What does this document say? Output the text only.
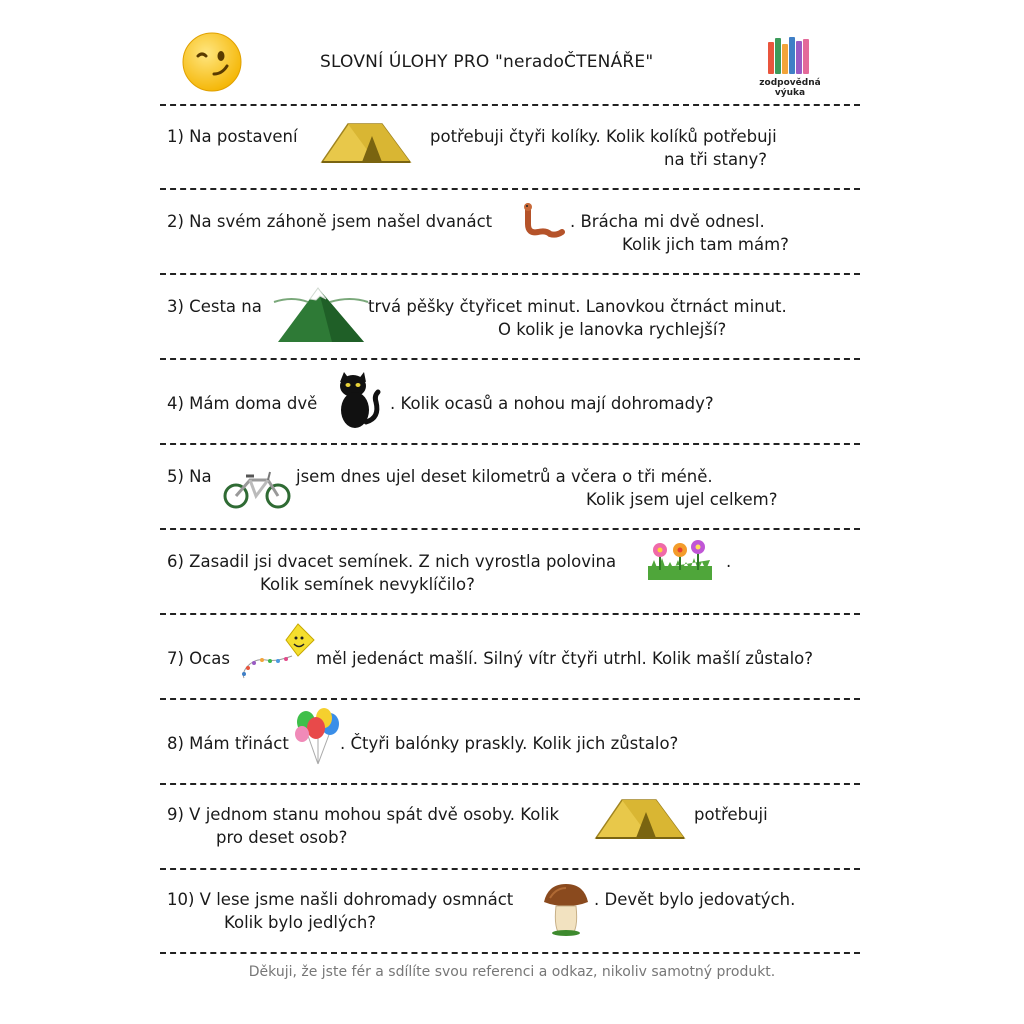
SLOVNÍ ÚLOHY PRO "neradoČTENÁŘE"
zodpovědná výuka
1) Na postavení	potřebuji čtyři kolíky. Kolik kolíků potřebuji
na tři stany?
2) Na svém záhoně jsem našel dvanáct	. Brácha mi dvě odnesl.
Kolik jich tam mám?
3) Cesta na	trvá pěšky čtyřicet minut. Lanovkou čtrnáct minut.
O kolik je lanovka rychlejší?
4) Mám doma dvě	. Kolik ocasů a nohou mají dohromady?
5) Na	jsem dnes ujel deset kilometrů a včera o tři méně.
Kolik jsem ujel celkem?
6) Zasadil jsi dvacet semínek. Z nich vyrostla polovina	.
Kolik semínek nevyklíčilo?
7) Ocas	měl jedenáct mašlí. Silný vítr čtyři utrhl. Kolik mašlí zůstalo?
8) Mám třináct	. Čtyři balónky praskly. Kolik jich zůstalo?
9) V jednom stanu mohou spát dvě osoby. Kolik	potřebuji
pro deset osob?
10) V lese jsme našli dohromady osmnáct	. Devět bylo jedovatých.
Kolik bylo jedlých?
Děkuji, že jste fér a sdílíte svou referenci a odkaz, nikoliv samotný produkt.
